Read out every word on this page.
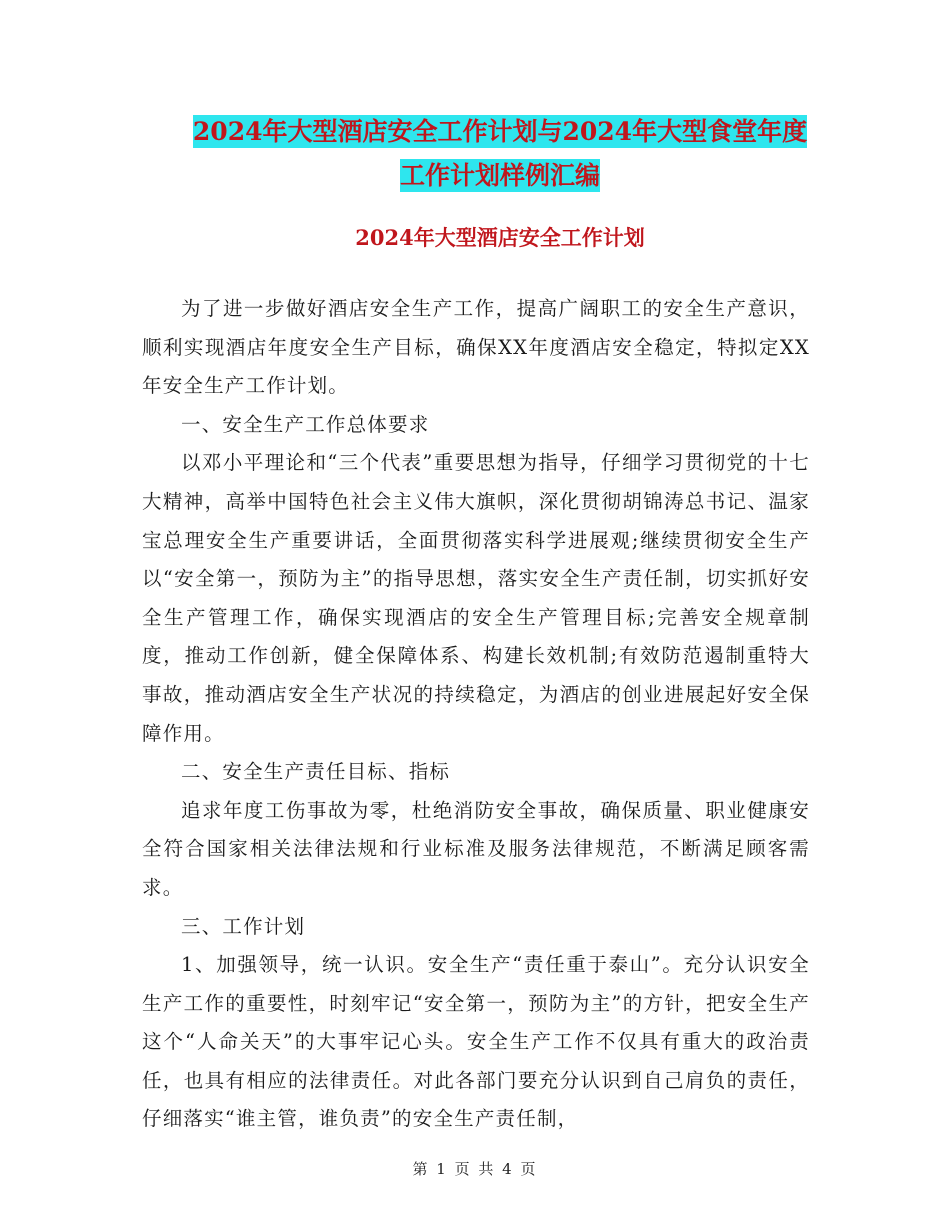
2024年大型酒店安全工作计划与2024年大型食堂年度
工作计划样例汇编
2024年大型酒店安全工作计划

为了进一步做好酒店安全生产工作，提高广阔职工的安全生产意识，顺利实现酒店年度安全生产目标，确保XX年度酒店安全稳定，特拟定XX年安全生产工作计划。

一、安全生产工作总体要求

以邓小平理论和“三个代表”重要思想为指导，仔细学习贯彻党的十七大精神，高举中国特色社会主义伟大旗帜，深化贯彻胡锦涛总书记、温家宝总理安全生产重要讲话，全面贯彻落实科学进展观;继续贯彻安全生产以“安全第一，预防为主”的指导思想，落实安全生产责任制，切实抓好安全生产管理工作，确保实现酒店的安全生产管理目标;完善安全规章制度，推动工作创新，健全保障体系、构建长效机制;有效防范遏制重特大事故，推动酒店安全生产状况的持续稳定，为酒店的创业进展起好安全保障作用。

二、安全生产责任目标、指标

追求年度工伤事故为零，杜绝消防安全事故，确保质量、职业健康安全符合国家相关法律法规和行业标准及服务法律规范，不断满足顾客需求。

三、工作计划

1、加强领导，统一认识。安全生产“责任重于泰山”。充分认识安全生产工作的重要性，时刻牢记“安全第一，预防为主”的方针，把安全生产这个“人命关天”的大事牢记心头。安全生产工作不仅具有重大的政治责任，也具有相应的法律责任。对此各部门要充分认识到自己肩负的责任，仔细落实“谁主管，谁负责”的安全生产责任制，

第 1 页 共 4 页
